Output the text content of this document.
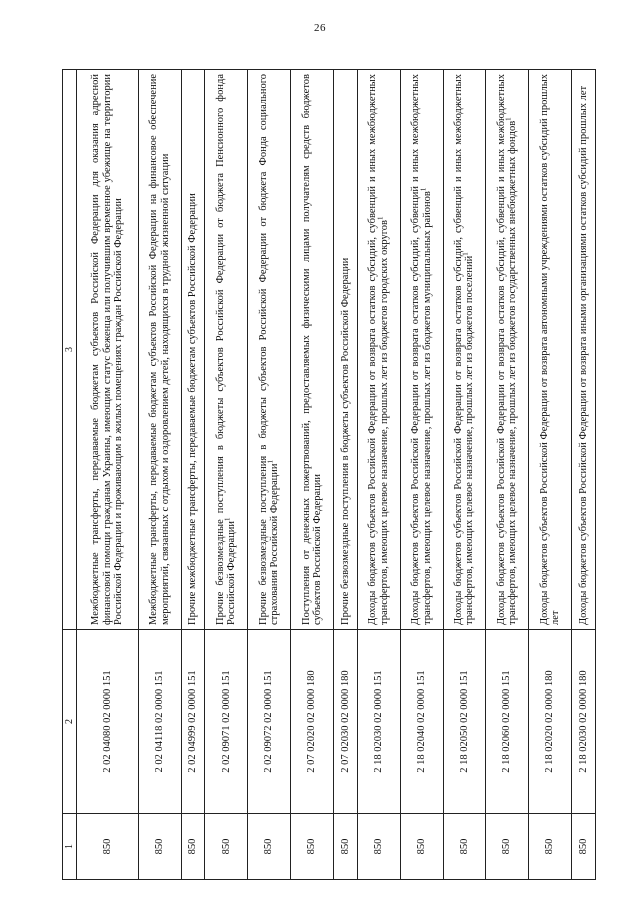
26
1	2	3
850	2 02 04080 02 0000 151	Межбюджетные трансферты, передаваемые бюджетам субъектов Российской Федерации для оказания адресной финансовой помощи гражданам Украины, имеющим статус беженца или получившим временное убежище на территории Российской Федерации и проживающим в жилых помещениях граждан Российской Федерации
850	2 02 04118 02 0000 151	Межбюджетные трансферты, передаваемые бюджетам субъектов Российской Федерации на финансовое обеспечение мероприятий, связанных с отдыхом и оздоровлением детей, находящихся в трудной жизненной ситуации
850	2 02 04999 02 0000 151	Прочие межбюджетные трансферты, передаваемые бюджетам субъектов Российской Федерации
850	2 02 09071 02 0000 151	Прочие безвозмездные поступления в бюджеты субъектов Российской Федерации от бюджета Пенсионного фонда Российской Федерации$^1$
850	2 02 09072 02 0000 151	Прочие безвозмездные поступления в бюджеты субъектов Российской Федерации от бюджета Фонда социального страхования Российской Федерации$^1$
850	2 07 02020 02 0000 180	Поступления от денежных пожертвований, предоставляемых физическими лицами получателям средств бюджетов субъектов Российской Федерации
850	2 07 02030 02 0000 180	Прочие безвозмездные поступления в бюджеты субъектов Российской Федерации
850	2 18 02030 02 0000 151	Доходы бюджетов субъектов Российской Федерации от возврата остатков субсидий, субвенций и иных межбюджетных трансфертов, имеющих целевое назначение, прошлых лет из бюджетов городских округов$^1$
850	2 18 02040 02 0000 151	Доходы бюджетов субъектов Российской Федерации от возврата остатков субсидий, субвенций и иных межбюджетных трансфертов, имеющих целевое назначение, прошлых лет из бюджетов муниципальных районов$^1$
850	2 18 02050 02 0000 151	Доходы бюджетов субъектов Российской Федерации от возврата остатков субсидий, субвенций и иных межбюджетных трансфертов, имеющих целевое назначение, прошлых лет из бюджетов поселений$^1$
850	2 18 02060 02 0000 151	Доходы бюджетов субъектов Российской Федерации от возврата остатков субсидий, субвенций и иных межбюджетных трансфертов, имеющих целевое назначение, прошлых лет из бюджетов государственных внебюджетных фондов$^1$
850	2 18 02020 02 0000 180	Доходы бюджетов субъектов Российской Федерации от возврата автономными учреждениями остатков субсидий прошлых лет
850	2 18 02030 02 0000 180	Доходы бюджетов субъектов Российской Федерации от возврата иными организациями остатков субсидий прошлых лет
